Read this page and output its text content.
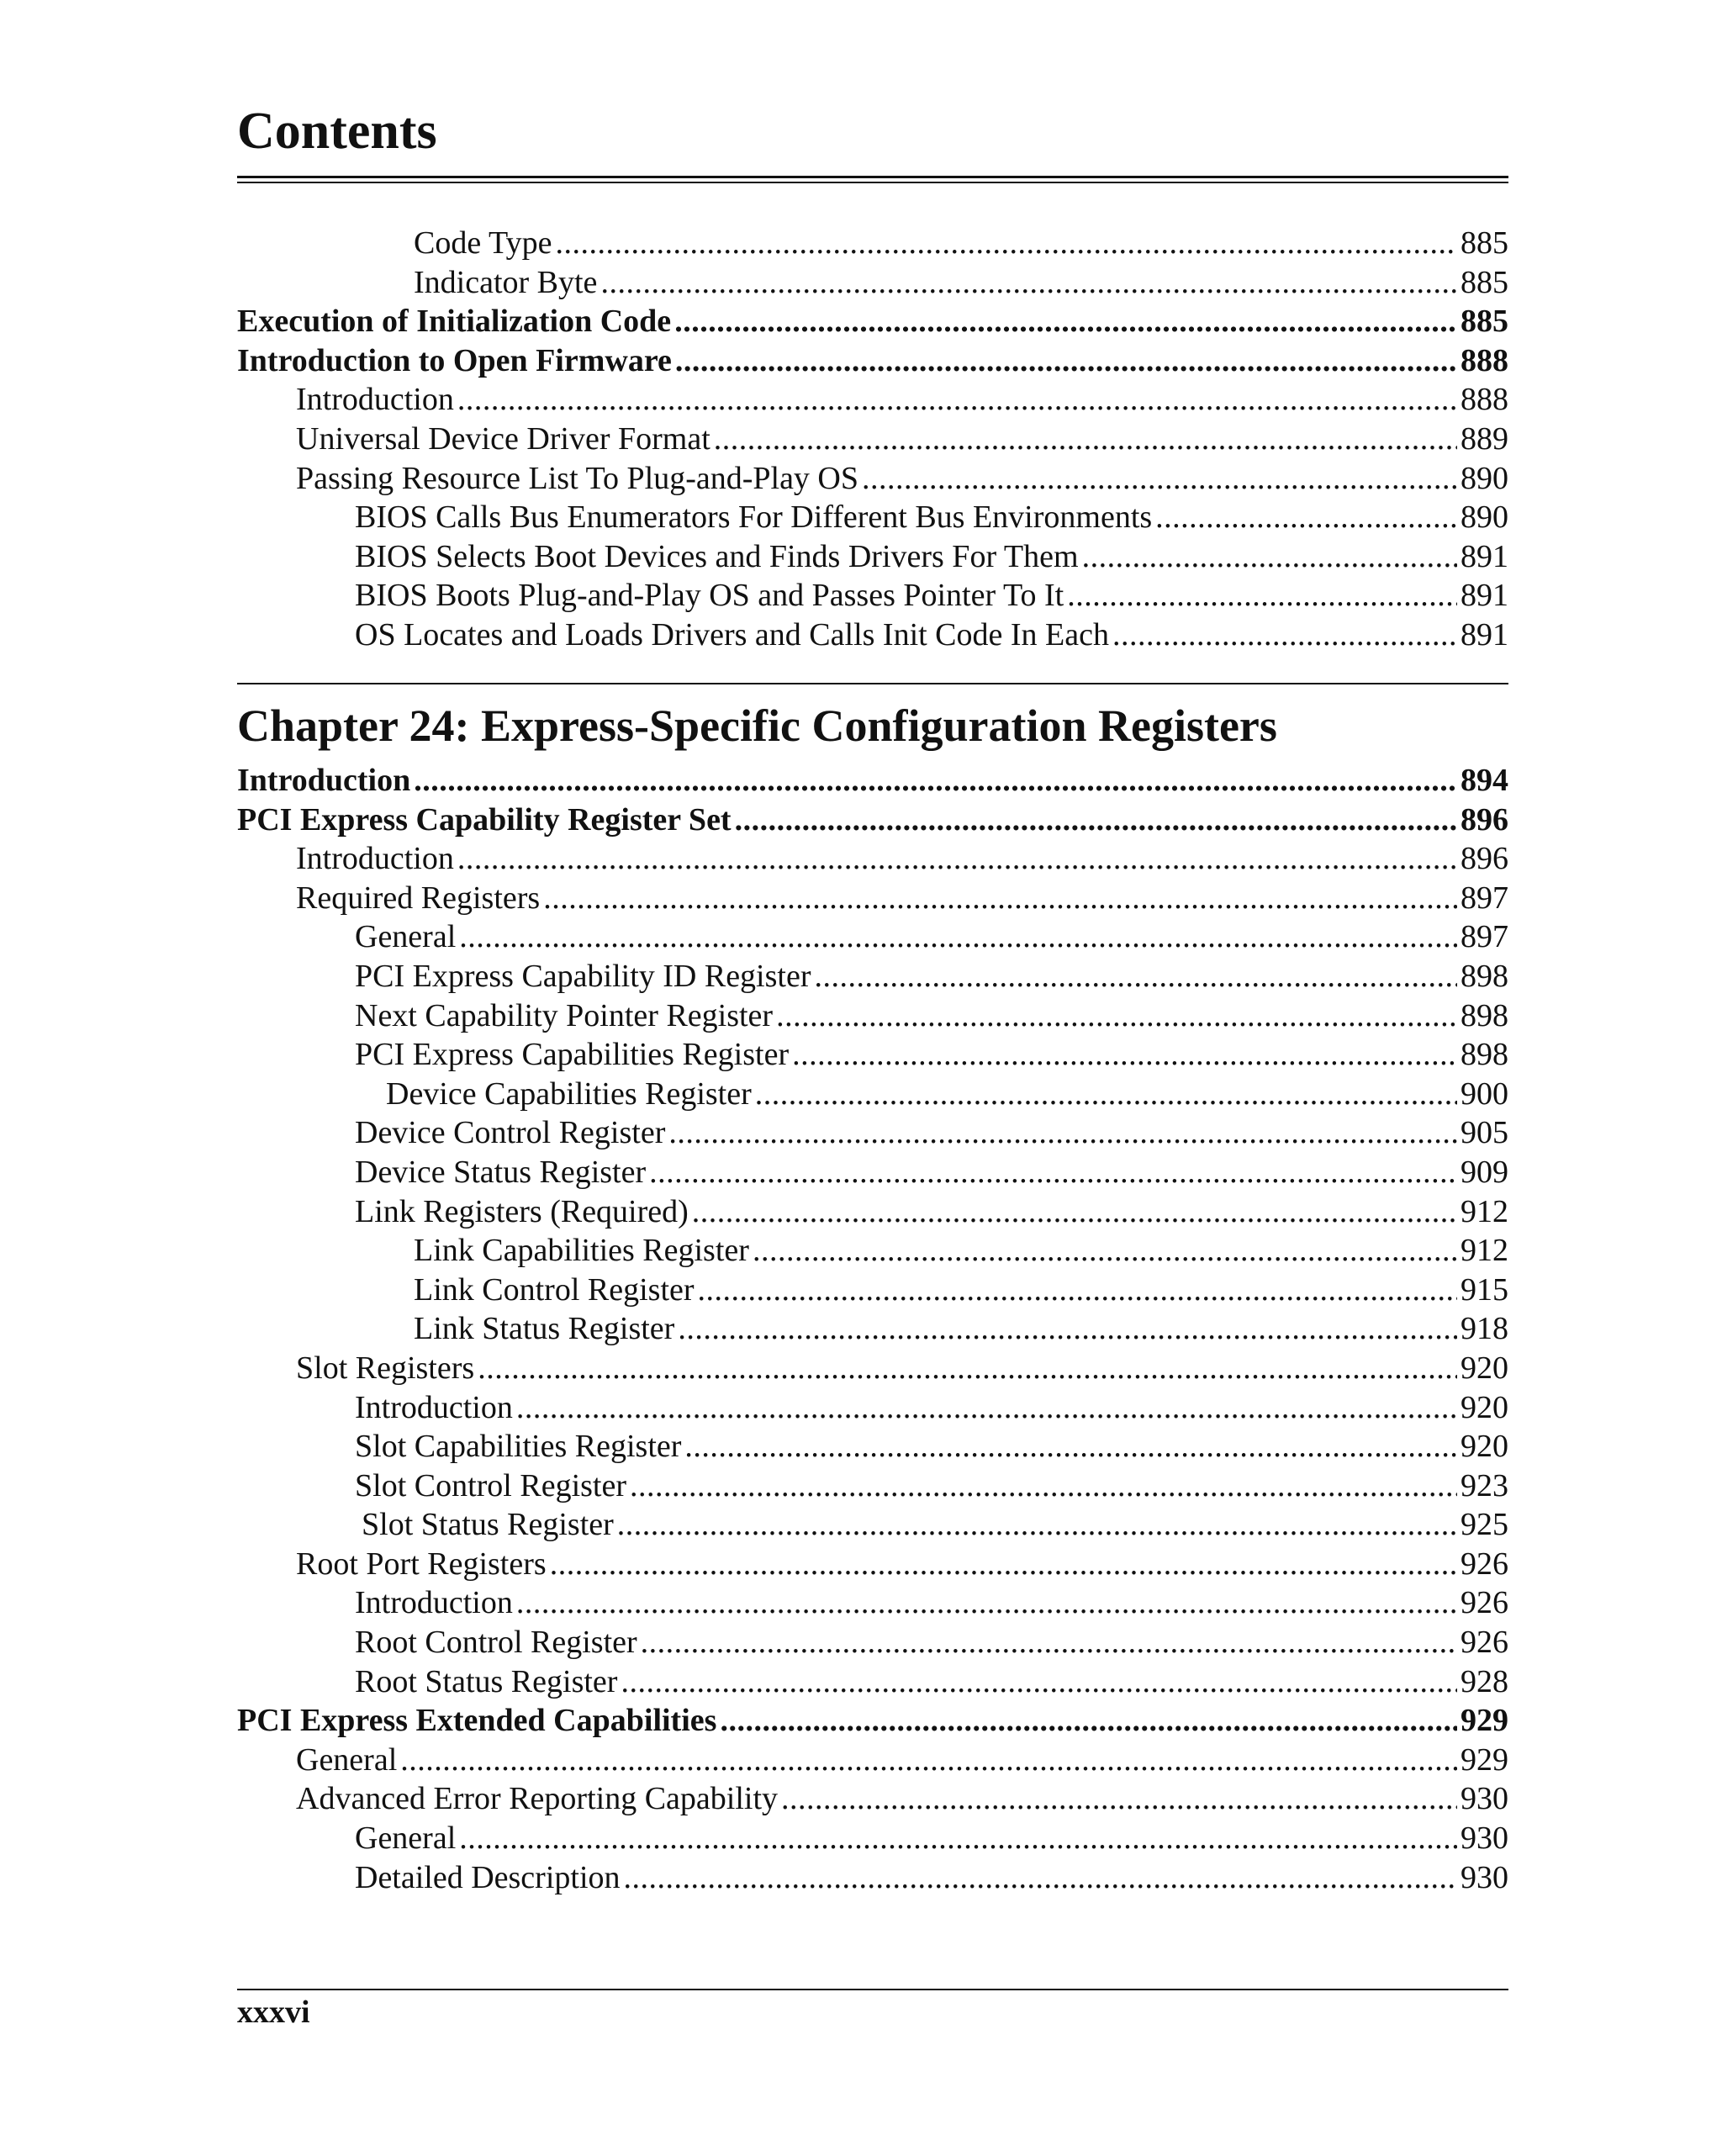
Contents
Code Type .....	885
Indicator Byte .....	885
Execution of Initialization Code .....	885
Introduction to Open Firmware .....	888
Introduction .....	888
Universal Device Driver Format .....	889
Passing Resource List To Plug-and-Play OS .....	890
BIOS Calls Bus Enumerators For Different Bus Environments .....	890
BIOS Selects Boot Devices and Finds Drivers For Them .....	891
BIOS Boots Plug-and-Play OS and Passes Pointer To It .....	891
OS Locates and Loads Drivers and Calls Init Code In Each .....	891
Chapter 24: Express-Specific Configuration Registers
Introduction .....	894
PCI Express Capability Register Set .....	896
Introduction .....	896
Required Registers .....	897
General .....	897
PCI Express Capability ID Register .....	898
Next Capability Pointer Register .....	898
PCI Express Capabilities Register .....	898
Device Capabilities Register .....	900
Device Control Register .....	905
Device Status Register .....	909
Link Registers (Required) .....	912
Link Capabilities Register .....	912
Link Control Register .....	915
Link Status Register .....	918
Slot Registers .....	920
Introduction .....	920
Slot Capabilities Register .....	920
Slot Control Register .....	923
Slot Status Register .....	925
Root Port Registers .....	926
Introduction .....	926
Root Control Register .....	926
Root Status Register .....	928
PCI Express Extended Capabilities .....	929
General .....	929
Advanced Error Reporting Capability .....	930
General .....	930
Detailed Description .....	930
xxxvi
